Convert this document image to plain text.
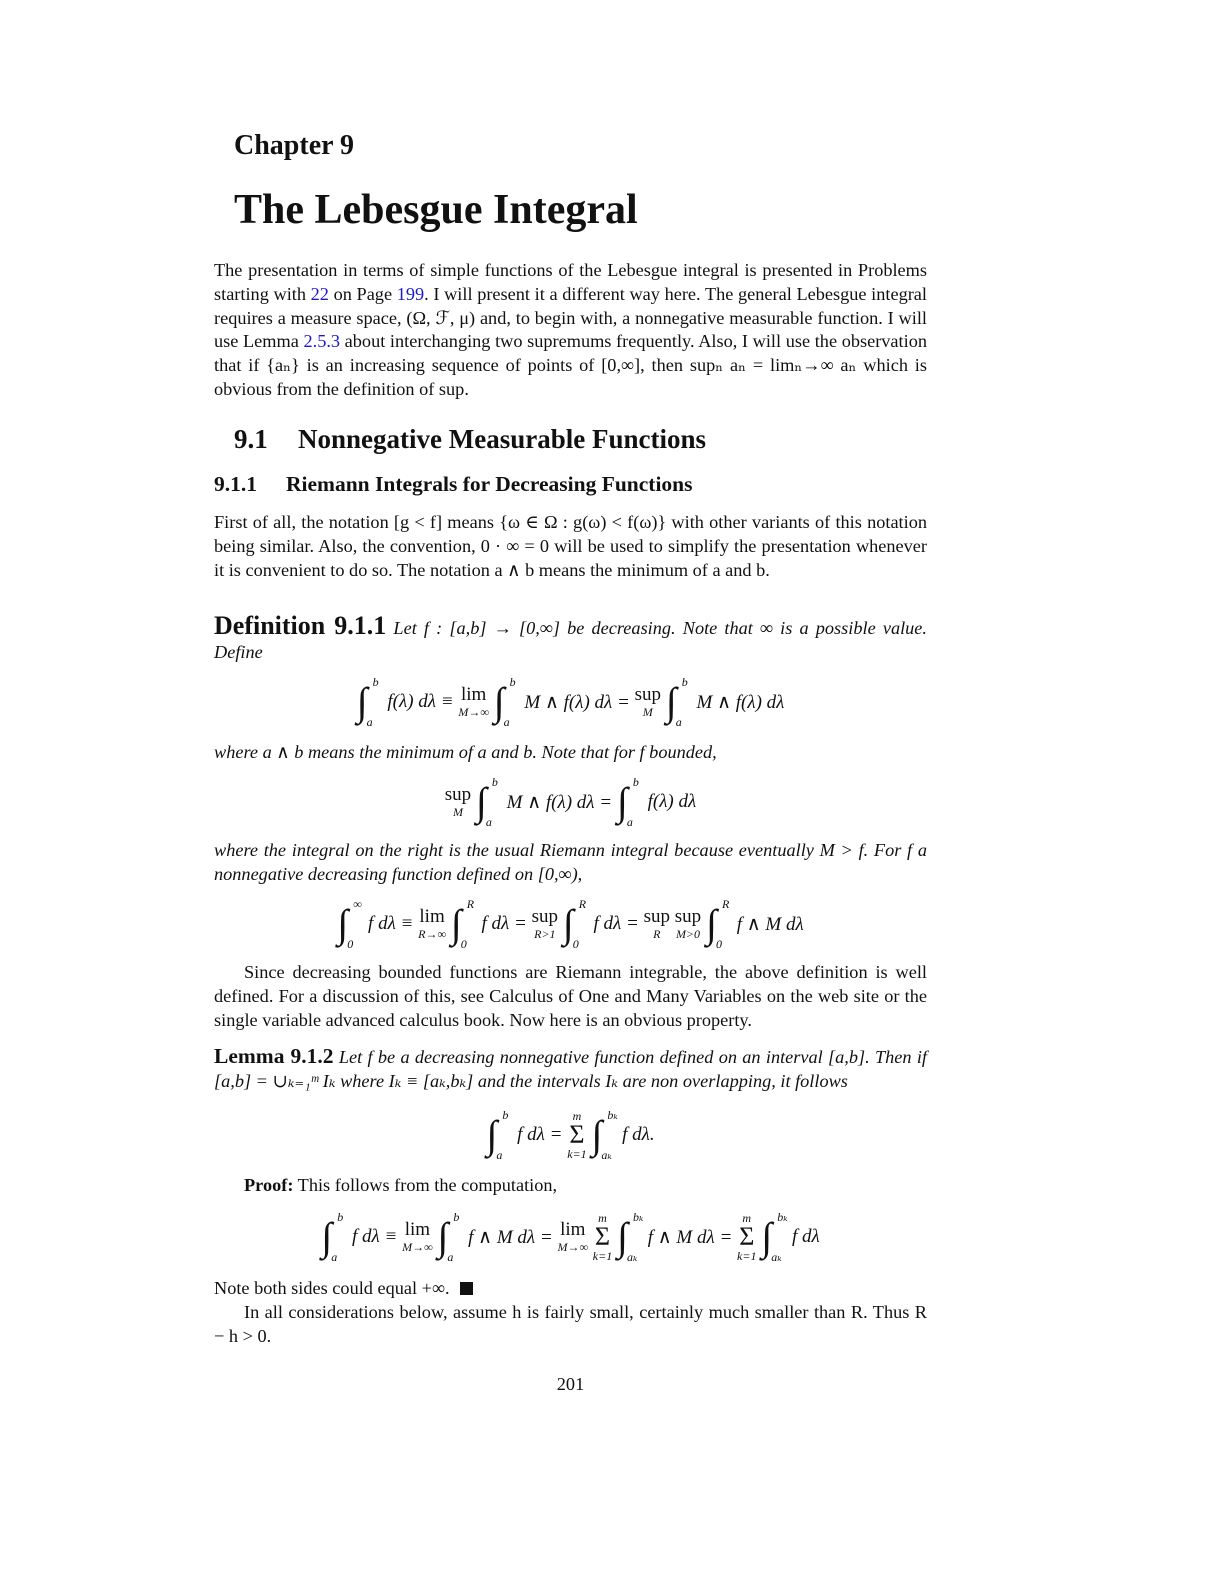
Chapter 9
The Lebesgue Integral
The presentation in terms of simple functions of the Lebesgue integral is presented in Problems starting with 22 on Page 199. I will present it a different way here. The general Lebesgue integral requires a measure space, (Ω, ℱ, μ) and, to begin with, a nonnegative measurable function. I will use Lemma 2.5.3 about interchanging two supremums frequently. Also, I will use the observation that if {aₙ} is an increasing sequence of points of [0,∞], then supₙ aₙ = limₙ→∞ aₙ which is obvious from the definition of sup.
9.1 Nonnegative Measurable Functions
9.1.1 Riemann Integrals for Decreasing Functions
First of all, the notation [g < f] means {ω ∈ Ω : g(ω) < f(ω)} with other variants of this notation being similar. Also, the convention, 0 · ∞ = 0 will be used to simplify the presentation whenever it is convenient to do so. The notation a ∧ b means the minimum of a and b.
Definition 9.1.1 Let f : [a,b] → [0,∞] be decreasing. Note that ∞ is a possible value. Define
∫ b
a
f(λ) dλ ≡ lim
M→∞ ∫ b
a
M ∧ f(λ) dλ = sup
M ∫ b
a
M ∧ f(λ) dλ
where a ∧ b means the minimum of a and b. Note that for f bounded,
sup
M ∫ b
a
M ∧ f(λ) dλ = ∫ b
a
f(λ) dλ
where the integral on the right is the usual Riemann integral because eventually M > f. For f a nonnegative decreasing function defined on [0,∞),
∫ ∞
0
f dλ ≡ lim
R→∞ ∫ R
0
f dλ = sup
R>1 ∫ R
0
f dλ = sup
R
sup
M>0 ∫ R
0
f ∧ M dλ
Since decreasing bounded functions are Riemann integrable, the above definition is well defined. For a discussion of this, see Calculus of One and Many Variables on the web site or the single variable advanced calculus book. Now here is an obvious property.
Lemma 9.1.2 Let f be a decreasing nonnegative function defined on an interval [a,b]. Then if [a,b] = ∪ₖ₌₁ᵐ Iₖ where Iₖ ≡ [aₖ,bₖ] and the intervals Iₖ are non overlapping, it follows
∫ b
a
f dλ =
m
Σ
k=1 ∫ bₖ
aₖ
f dλ.
Proof: This follows from the computation,
∫ b
a
f dλ ≡ lim
M→∞ ∫ b
a
f ∧ M dλ = lim
M→∞

m
Σ
k=1 ∫ bₖ
aₖ
f ∧ M dλ =
m
Σ
k=1 ∫ bₖ
aₖ
f dλ
Note both sides could equal +∞.
In all considerations below, assume h is fairly small, certainly much smaller than R. Thus R − h > 0.
201
